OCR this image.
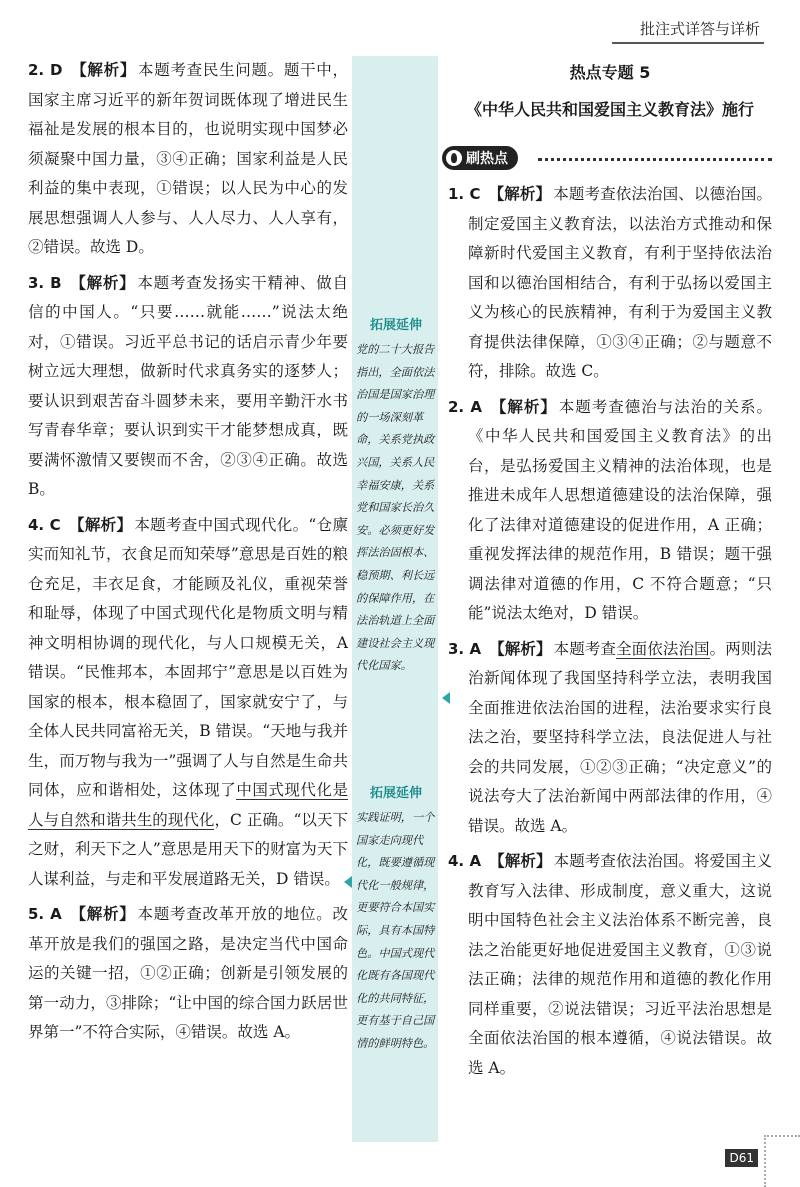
批注式详答与详析

2. D 【解析】 本题考查民生问题。题干中，国家主席习近平的新年贺词既体现了增进民生福祉是发展的根本目的，也说明实现中国梦必须凝聚中国力量，③④正确；国家利益是人民利益的集中表现，①错误；以人民为中心的发展思想强调人人参与、人人尽力、人人享有，②错误。故选 D。

3. B 【解析】 本题考查发扬实干精神、做自信的中国人。“只要……就能……”说法太绝对，①错误。习近平总书记的话启示青少年要树立远大理想，做新时代求真务实的逐梦人；要认识到艰苦奋斗圆梦未来，要用辛勤汗水书写青春华章；要认识到实干才能梦想成真，既要满怀激情又要锲而不舍，②③④正确。故选 B。

4. C 【解析】 本题考查中国式现代化。“仓廪实而知礼节，衣食足而知荣辱”意思是百姓的粮仓充足，丰衣足食，才能顾及礼仪，重视荣誉和耻辱，体现了中国式现代化是物质文明与精神文明相协调的现代化，与人口规模无关，A 错误。“民惟邦本，本固邦宁”意思是以百姓为国家的根本，根本稳固了，国家就安宁了，与全体人民共同富裕无关，B 错误。“天地与我并生，而万物与我为一”强调了人与自然是生命共同体，应和谐相处，这体现了中国式现代化是人与自然和谐共生的现代化，C 正确。“以天下之财，利天下之人”意思是用天下的财富为天下人谋利益，与走和平发展道路无关，D 错误。

5. A 【解析】 本题考查改革开放的地位。改革开放是我们的强国之路，是决定当代中国命运的关键一招，①②正确；创新是引领发展的第一动力，③排除；“让中国的综合国力跃居世界第一”不符合实际，④错误。故选 A。

拓展延伸
党的二十大报告指出，全面依法治国是国家治理的一场深刻革命，关系党执政兴国，关系人民幸福安康，关系党和国家长治久安。必须更好发挥法治固根本、稳预期、利长远的保障作用，在法治轨道上全面建设社会主义现代化国家。
拓展延伸
实践证明，一个国家走向现代化，既要遵循现代化一般规律，更要符合本国实际，具有本国特色。中国式现代化既有各国现代化的共同特征，更有基于自己国情的鲜明特色。
热点专题 5
《中华人民共和国爱国主义教育法》施行
刷热点

1. C 【解析】 本题考查依法治国、以德治国。制定爱国主义教育法，以法治方式推动和保障新时代爱国主义教育，有利于坚持依法治国和以德治国相结合，有利于弘扬以爱国主义为核心的民族精神，有利于为爱国主义教育提供法律保障，①③④正确；②与题意不符，排除。故选 C。

2. A 【解析】 本题考查德治与法治的关系。《中华人民共和国爱国主义教育法》的出台，是弘扬爱国主义精神的法治体现，也是推进未成年人思想道德建设的法治保障，强化了法律对道德建设的促进作用，A 正确；重视发挥法律的规范作用，B 错误；题干强调法律对道德的作用，C 不符合题意；“只能”说法太绝对，D 错误。

3. A 【解析】 本题考查全面依法治国。两则法治新闻体现了我国坚持科学立法，表明我国全面推进依法治国的进程，法治要求实行良法之治，要坚持科学立法，良法促进人与社会的共同发展，①②③正确；“决定意义”的说法夸大了法治新闻中两部法律的作用，④错误。故选 A。

4. A 【解析】 本题考查依法治国。将爱国主义教育写入法律、形成制度，意义重大，这说明中国特色社会主义法治体系不断完善，良法之治能更好地促进爱国主义教育，①③说法正确；法律的规范作用和道德的教化作用同样重要，②说法错误；习近平法治思想是全面依法治国的根本遵循，④说法错误。故选 A。

D61
